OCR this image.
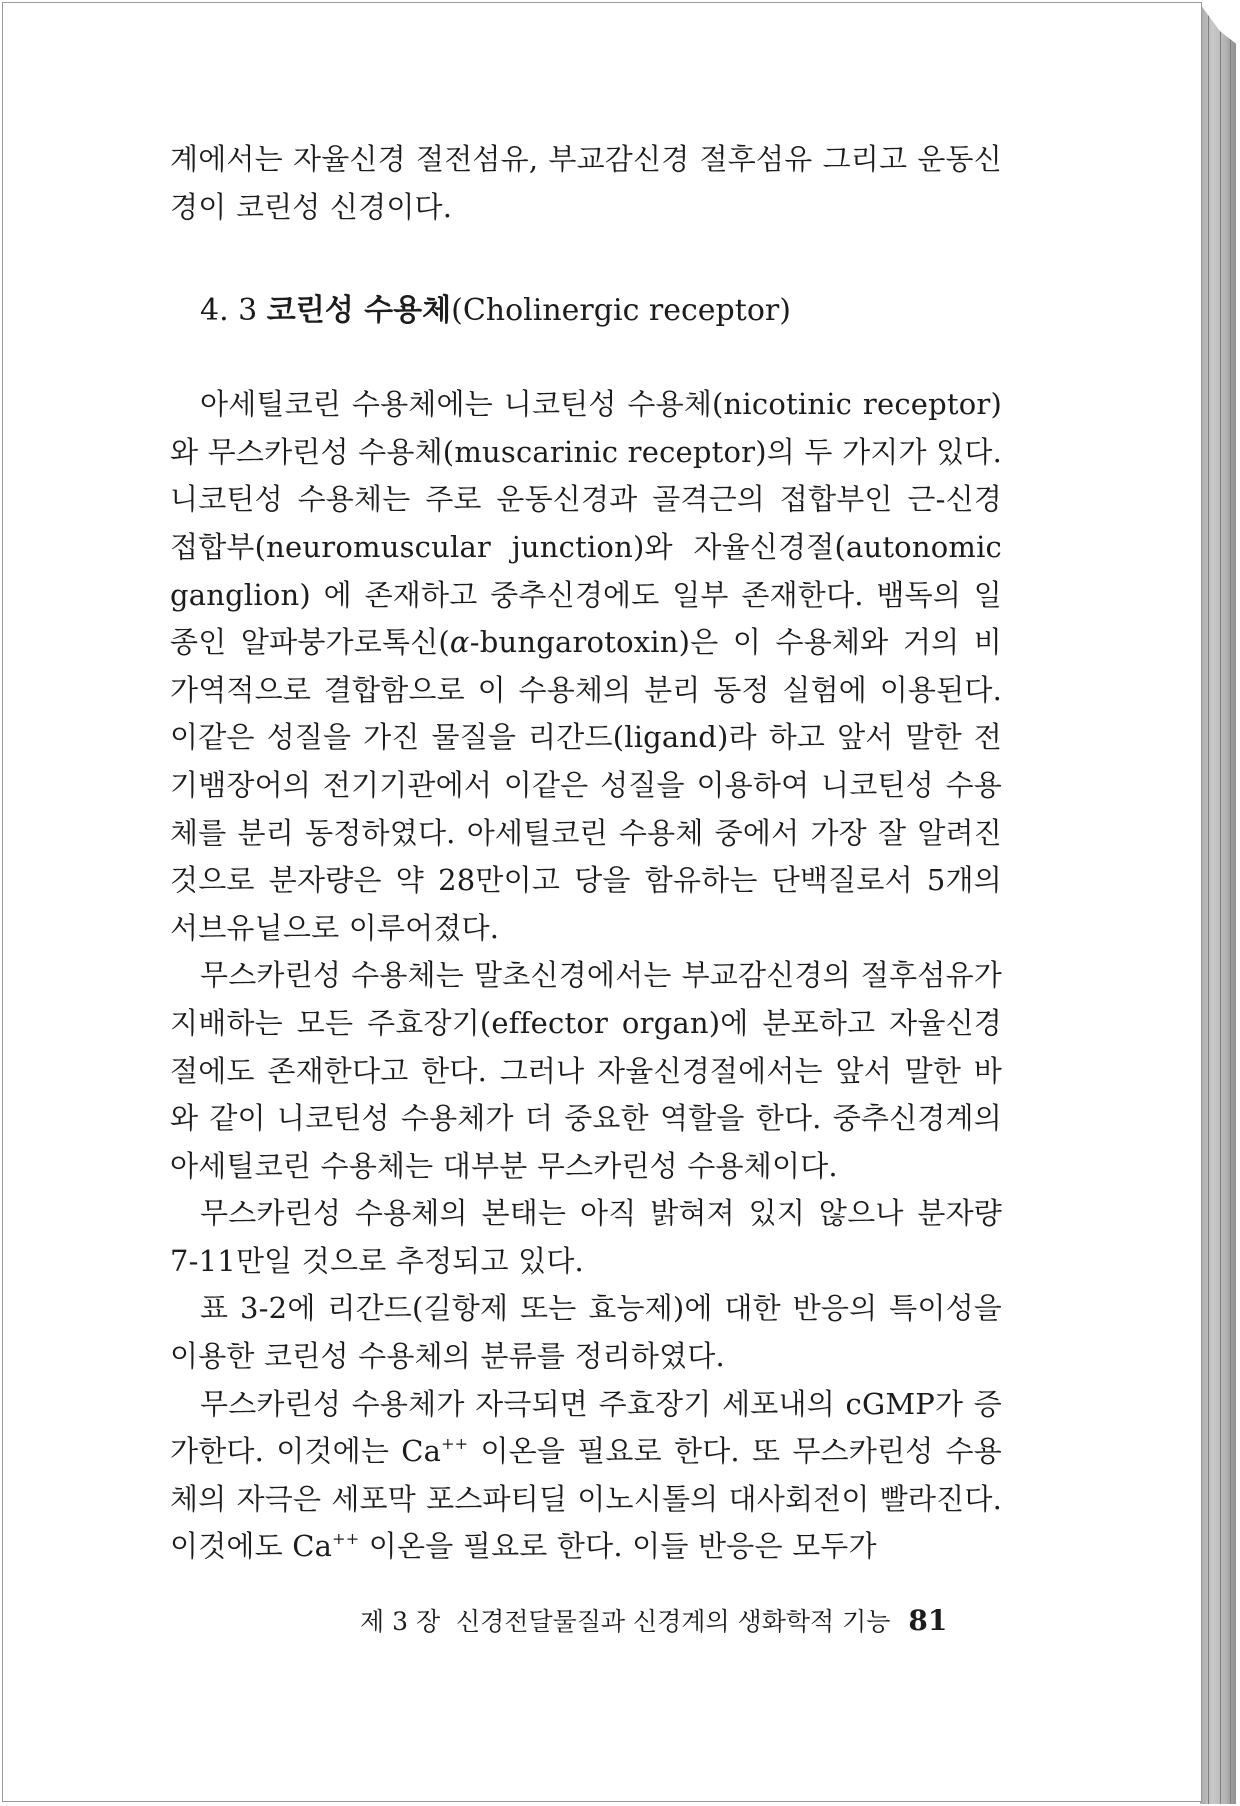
계에서는 자율신경 절전섬유, 부교감신경 절후섬유 그리고 운동신경이 코린성 신경이다.

4. 3 코린성 수용체(Cholinergic receptor)

아세틸코린 수용체에는 니코틴성 수용체(nicotinic receptor)와 무스카린성 수용체(muscarinic receptor)의 두 가지가 있다. 니코틴성 수용체는 주로 운동신경과 골격근의 접합부인 근-신경 접합부(neuromuscular junction)와 자율신경절(autonomic ganglion) 에 존재하고 중추신경에도 일부 존재한다. 뱀독의 일종인 알파붕가로톡신(α-bungarotoxin)은 이 수용체와 거의 비가역적으로 결합함으로 이 수용체의 분리 동정 실험에 이용된다. 이같은 성질을 가진 물질을 리간드(ligand)라 하고 앞서 말한 전기뱀장어의 전기기관에서 이같은 성질을 이용하여 니코틴성 수용체를 분리 동정하였다. 아세틸코린 수용체 중에서 가장 잘 알려진 것으로 분자량은 약 28만이고 당을 함유하는 단백질로서 5개의 서브유닡으로 이루어졌다.

무스카린성 수용체는 말초신경에서는 부교감신경의 절후섬유가 지배하는 모든 주효장기(effector organ)에 분포하고 자율신경절에도 존재한다고 한다. 그러나 자율신경절에서는 앞서 말한 바와 같이 니코틴성 수용체가 더 중요한 역할을 한다. 중추신경계의 아세틸코린 수용체는 대부분 무스카린성 수용체이다.

무스카린성 수용체의 본태는 아직 밝혀져 있지 않으나 분자량 7-11만일 것으로 추정되고 있다.

표 3-2에 리간드(길항제 또는 효능제)에 대한 반응의 특이성을 이용한 코린성 수용체의 분류를 정리하였다.

무스카린성 수용체가 자극되면 주효장기 세포내의 cGMP가 증가한다. 이것에는 Ca++ 이온을 필요로 한다. 또 무스카린성 수용체의 자극은 세포막 포스파티딜 이노시톨의 대사회전이 빨라진다. 이것에도 Ca++ 이온을 필요로 한다. 이들 반응은 모두가

제 3 장  신경전달물질과 신경계의 생화학적 기능 81
